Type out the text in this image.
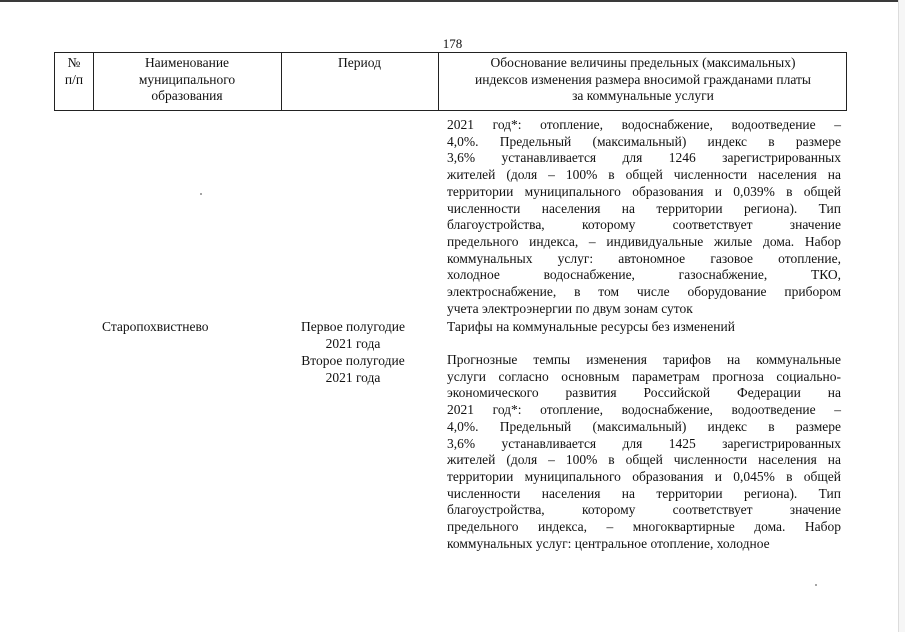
178
№
п/п
Наименование
муниципального
образования
Период	Обоснование величины предельных (максимальных)
индексов изменения размера вносимой гражданами платы
за коммунальные услуги

2021 год*: отопление, водоснабжение, водоотведение –

4,0%. Предельный (максимальный) индекс в размере

3,6% устанавливается для 1246 зарегистрированных

жителей (доля – 100% в общей численности населения на

территории муниципального образования и 0,039% в общей

численности населения на территории региона). Тип

благоустройства, которому соответствует значение

предельного индекса, – индивидуальные жилые дома. Набор

коммунальных услуг: автономное газовое отопление,

холодное водоснабжение, газоснабжение, ТКО,

электроснабжение, в том числе оборудование прибором

учета электроэнергии по двум зонам суток

Старопохвистнево	Первое полугодие
2021 года
Второе полугодие
2021 года
Тарифы на коммунальные ресурсы без изменений

Прогнозные темпы изменения тарифов на коммунальные

услуги согласно основным параметрам прогноза социально-

экономического развития Российской Федерации на

2021 год*: отопление, водоснабжение, водоотведение –

4,0%. Предельный (максимальный) индекс в размере

3,6% устанавливается для 1425 зарегистрированных

жителей (доля – 100% в общей численности населения на

территории муниципального образования и 0,045% в общей

численности населения на территории региона). Тип

благоустройства, которому соответствует значение

предельного индекса, – многоквартирные дома. Набор

коммунальных услуг: центральное отопление, холодное
